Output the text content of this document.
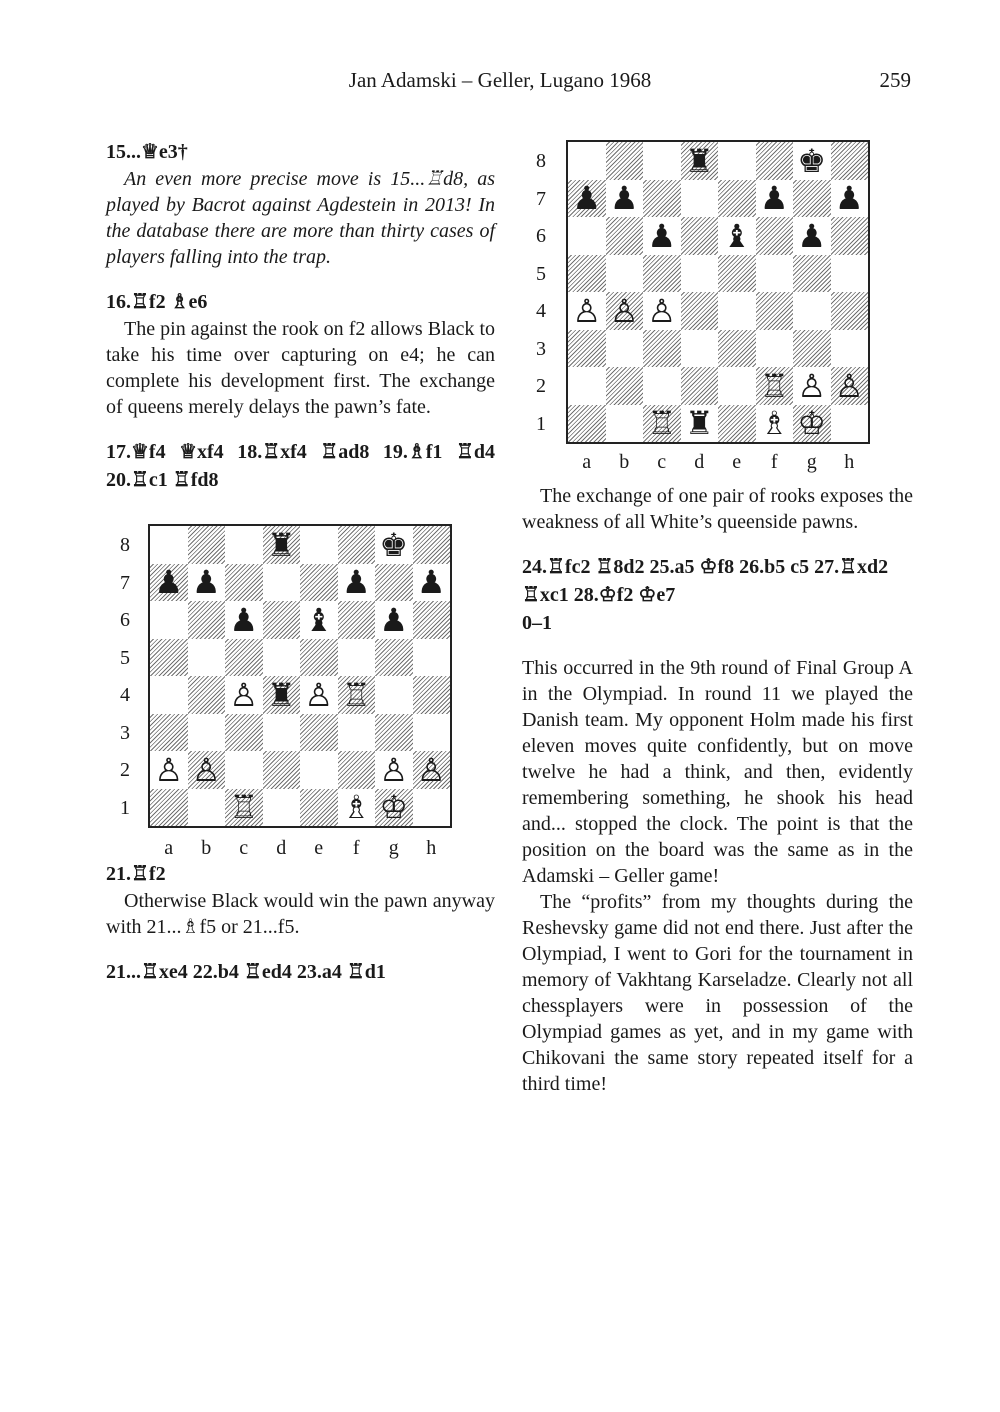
Jan Adamski – Geller, Lugano 1968	259

15...♕e3†

An even more precise move is 15...♖d8, as played by Bacrot against Agdestein in 2013! In the database there are more than thirty cases of players falling into the trap.

16.♖f2 ♗e6

The pin against the rook on f2 allows Black to take his time over capturing on e4; he can complete his development first. The exchange of queens merely delays the pawn’s fate.

17.♕f4 ♕xf4 18.♖xf4 ♖ad8 19.♗f1 ♖d4 20.♖c1 ♖fd8

8
7
6
5
4
3
2
1
♜	♚
♟ ♟	♟ ♟
♟ ♝ ♟
♙ ♜ ♙ ♖
♙ ♙	♙ ♙
♖	♗ ♔
a	b	c	d	e	f	g	h

21.♖f2

Otherwise Black would win the pawn anyway with 21...♗f5 or 21...f5.

21...♖xe4 22.b4 ♖ed4 23.a4 ♖d1

8
7
6
5
4
3
2
1
♜	♚
♟ ♟	♟ ♟
♟ ♝ ♟
♙ ♙ ♙
♖ ♙ ♙
♖ ♜ ♗ ♔
a	b	c	d	e	f	g	h

The exchange of one pair of rooks exposes the weakness of all White’s queenside pawns.

24.♖fc2 ♖8d2 25.a5 ♔f8 26.b5 c5 27.♖xd2 ♖xc1 28.♔f2 ♔e7

0–1

This occurred in the 9th round of Final Group A in the Olympiad. In round 11 we played the Danish team. My opponent Holm made his first eleven moves quite confidently, but on move twelve he had a think, and then, evidently remembering something, he shook his head and... stopped the clock. The point is that the position on the board was the same as in the Adamski – Geller game!

The “profits” from my thoughts during the Reshevsky game did not end there. Just after the Olympiad, I went to Gori for the tournament in memory of Vakhtang Karseladze. Clearly not all chessplayers were in possession of the Olympiad games as yet, and in my game with Chikovani the same story repeated itself for a third time!
